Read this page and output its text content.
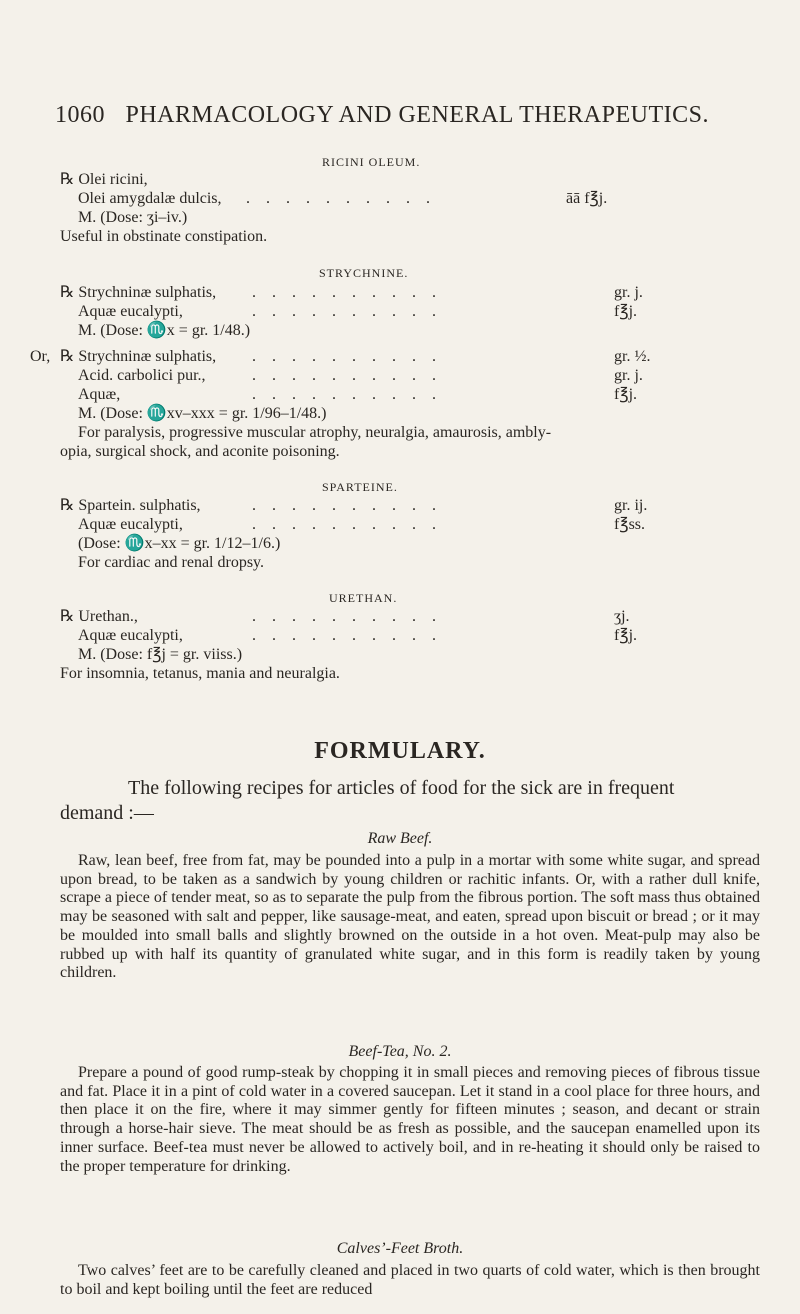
1060 PHARMACOLOGY AND GENERAL THERAPEUTICS.
RICINI OLEUM.
℞ Olei ricini,
Olei amygdalæ dulcis, . . . . . . . . . .	āā f℥j.
M. (Dose: ʒi–iv.)
Useful in obstinate constipation.
STRYCHNINE.
℞ Strychninæ sulphatis, . . . . . . . . . .	gr. j.
Aquæ eucalypti,	. . . . . . . . . .	f℥j.
M. (Dose: ♏x = gr. 1/48.)
Or, ℞ Strychninæ sulphatis, . . . . . . . . . .	gr. ½.
Acid. carbolici pur.,	. . . . . . . . . .	gr. j.
Aquæ,	. . . . . . . . . .	f℥j.
M. (Dose: ♏xv–xxx = gr. 1/96–1/48.)
For paralysis, progressive muscular atrophy, neuralgia, amaurosis, ambly-
opia, surgical shock, and aconite poisoning.
SPARTEINE.
℞ Spartein. sulphatis,	. . . . . . . . . .	gr. ij.
Aquæ eucalypti,	. . . . . . . . . .	f℥ss.
(Dose: ♏x–xx = gr. 1/12–1/6.)
For cardiac and renal dropsy.
URETHAN.
℞ Urethan.,	. . . . . . . . . .	ʒj.
Aquæ eucalypti,	. . . . . . . . . .	f℥j.
M. (Dose: f℥j = gr. viiss.)
For insomnia, tetanus, mania and neuralgia.
FORMULARY.
The following recipes for articles of food for the sick are in frequent
demand :—
Raw Beef.
Raw, lean beef, free from fat, may be pounded into a pulp in a mortar with some white sugar, and spread upon bread, to be taken as a sandwich by young children or rachitic infants. Or, with a rather dull knife, scrape a piece of tender meat, so as to separate the pulp from the fibrous portion. The soft mass thus obtained may be seasoned with salt and pepper, like sausage-meat, and eaten, spread upon biscuit or bread ; or it may be moulded into small balls and slightly browned on the outside in a hot oven. Meat-pulp may also be rubbed up with half its quantity of granulated white sugar, and in this form is readily taken by young children.
Beef-Tea, No. 2.
Prepare a pound of good rump-steak by chopping it in small pieces and removing pieces of fibrous tissue and fat. Place it in a pint of cold water in a covered saucepan. Let it stand in a cool place for three hours, and then place it on the fire, where it may simmer gently for fifteen minutes ; season, and decant or strain through a horse-hair sieve. The meat should be as fresh as possible, and the saucepan enamelled upon its inner surface. Beef-tea must never be allowed to actively boil, and in re-heating it should only be raised to the proper temperature for drinking.
Calves’-Feet Broth.
Two calves’ feet are to be carefully cleaned and placed in two quarts of cold water, which is then brought to boil and kept boiling until the feet are reduced
